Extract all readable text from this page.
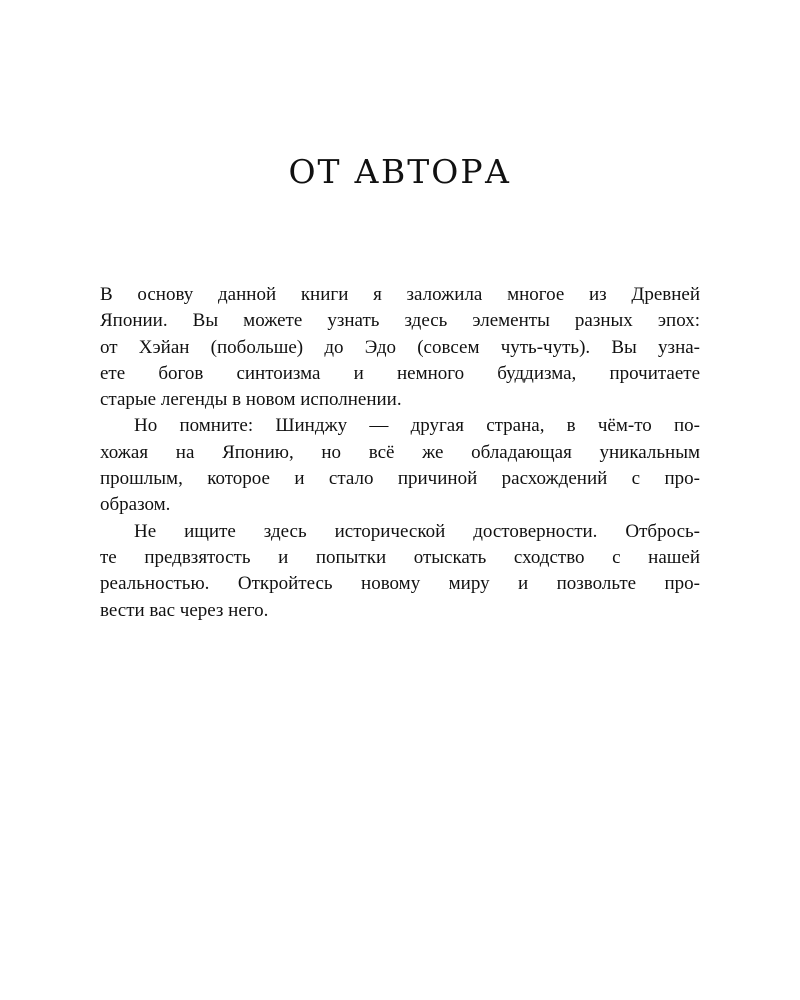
ОТ АВТОРА
В основу данной книги я заложила многое из Древней
Японии. Вы можете узнать здесь элементы разных эпох:
от Хэйан (побольше) до Эдо (совсем чуть-чуть). Вы узна-
ете богов синтоизма и немного буддизма, прочитаете
старые легенды в новом исполнении.
Но помните: Шинджу — другая страна, в чём-то по-
хожая на Японию, но всё же обладающая уникальным
прошлым, которое и стало причиной расхождений с про-
образом.
Не ищите здесь исторической достоверности. Отбрось-
те предвзятость и попытки отыскать сходство с нашей
реальностью. Откройтесь новому миру и позвольте про-
вести вас через него.
